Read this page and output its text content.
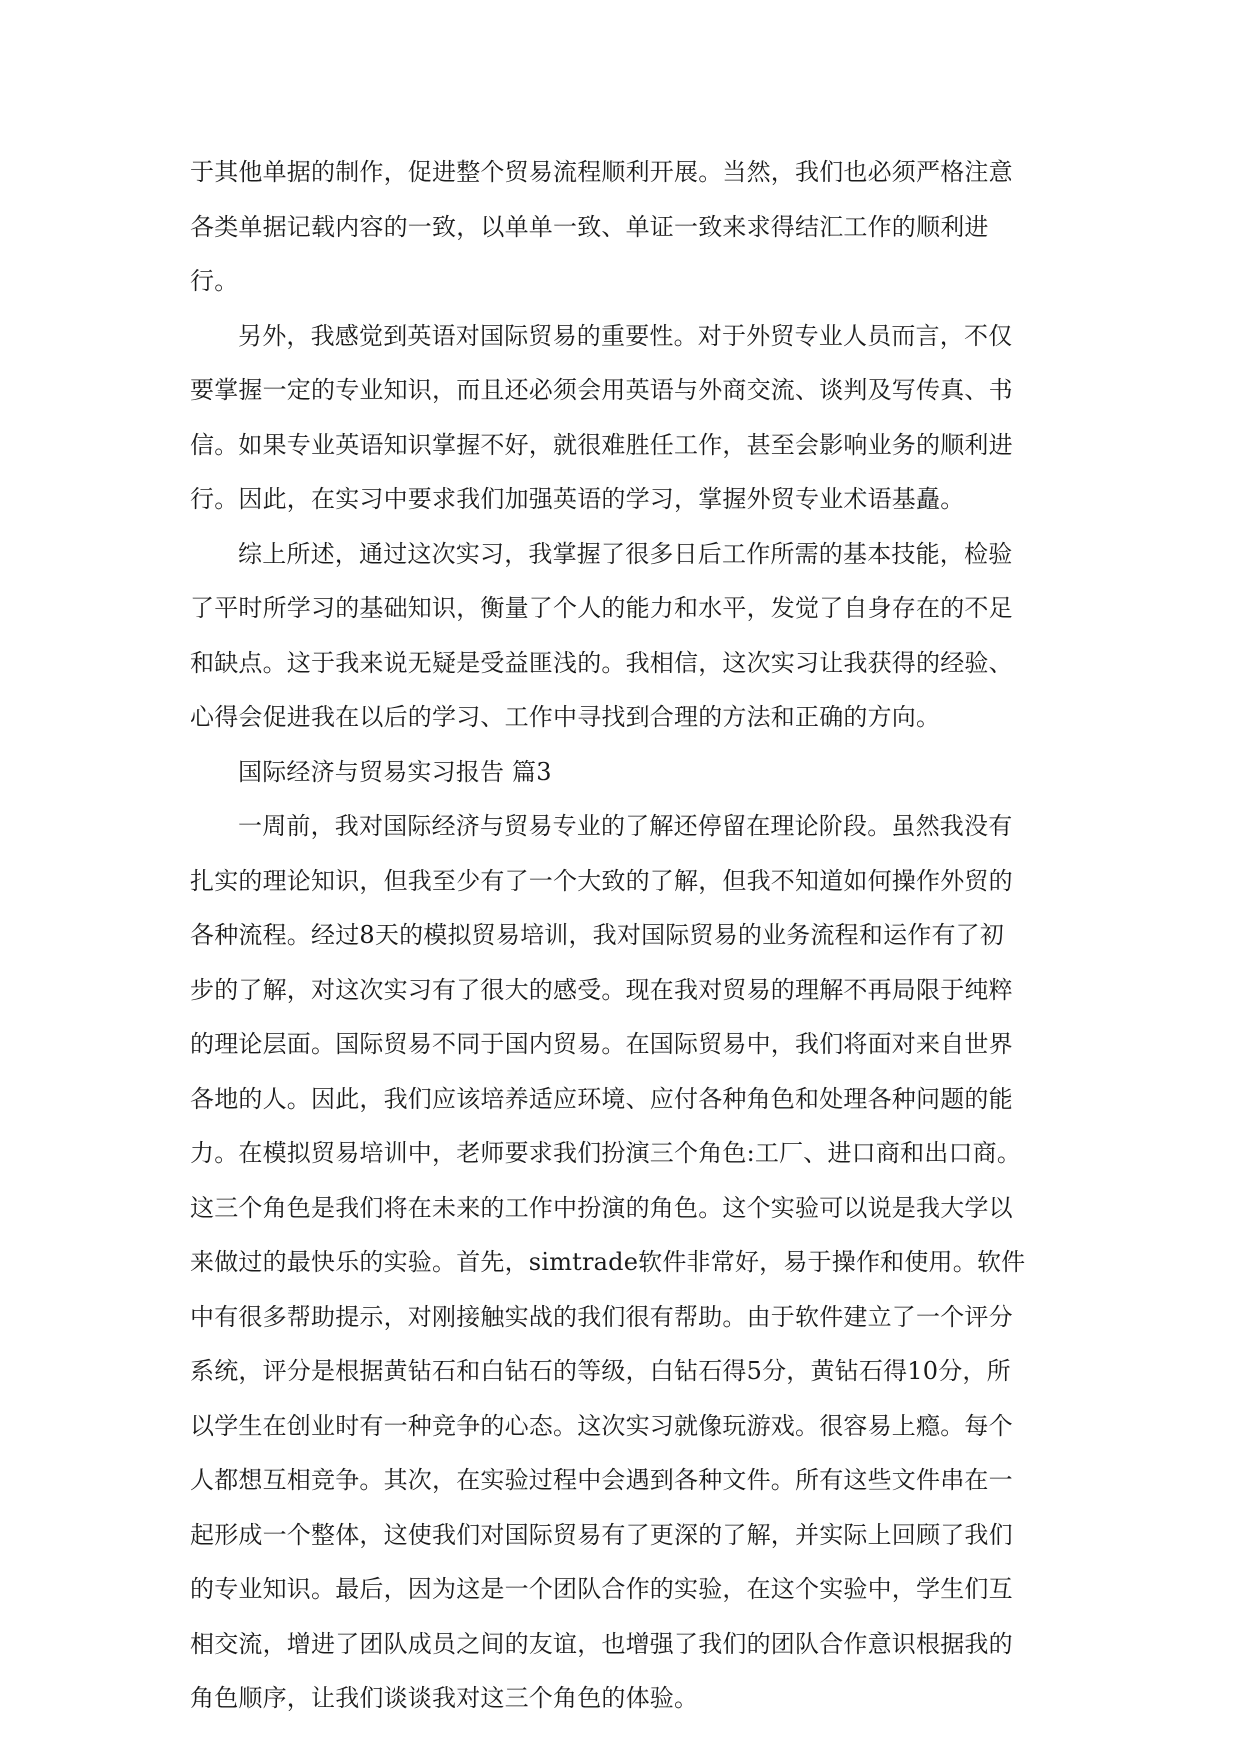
于其他单据的制作，促进整个贸易流程顺利开展。当然，我们也必须严格注意
各类单据记载内容的一致，以单单一致、单证一致来求得结汇工作的顺利进
行。
另外，我感觉到英语对国际贸易的重要性。对于外贸专业人员而言，不仅
要掌握一定的专业知识，而且还必须会用英语与外商交流、谈判及写传真、书
信。如果专业英语知识掌握不好，就很难胜任工作，甚至会影响业务的顺利进
行。因此，在实习中要求我们加强英语的学习，掌握外贸专业术语基矗。
综上所述，通过这次实习，我掌握了很多日后工作所需的基本技能，检验
了平时所学习的基础知识，衡量了个人的能力和水平，发觉了自身存在的不足
和缺点。这于我来说无疑是受益匪浅的。我相信，这次实习让我获得的经验、
心得会促进我在以后的学习、工作中寻找到合理的方法和正确的方向。
国际经济与贸易实习报告 篇3
一周前，我对国际经济与贸易专业的了解还停留在理论阶段。虽然我没有
扎实的理论知识，但我至少有了一个大致的了解，但我不知道如何操作外贸的
各种流程。经过8天的模拟贸易培训，我对国际贸易的业务流程和运作有了初
步的了解，对这次实习有了很大的感受。现在我对贸易的理解不再局限于纯粹
的理论层面。国际贸易不同于国内贸易。在国际贸易中，我们将面对来自世界
各地的人。因此，我们应该培养适应环境、应付各种角色和处理各种问题的能
力。在模拟贸易培训中，老师要求我们扮演三个角色:工厂、进口商和出口商。
这三个角色是我们将在未来的工作中扮演的角色。这个实验可以说是我大学以
来做过的最快乐的实验。首先，simtrade软件非常好，易于操作和使用。软件
中有很多帮助提示，对刚接触实战的我们很有帮助。由于软件建立了一个评分
系统，评分是根据黄钻石和白钻石的等级，白钻石得5分，黄钻石得10分，所
以学生在创业时有一种竞争的心态。这次实习就像玩游戏。很容易上瘾。每个
人都想互相竞争。其次，在实验过程中会遇到各种文件。所有这些文件串在一
起形成一个整体，这使我们对国际贸易有了更深的了解，并实际上回顾了我们
的专业知识。最后，因为这是一个团队合作的实验，在这个实验中，学生们互
相交流，增进了团队成员之间的友谊，也增强了我们的团队合作意识根据我的
角色顺序，让我们谈谈我对这三个角色的体验。
